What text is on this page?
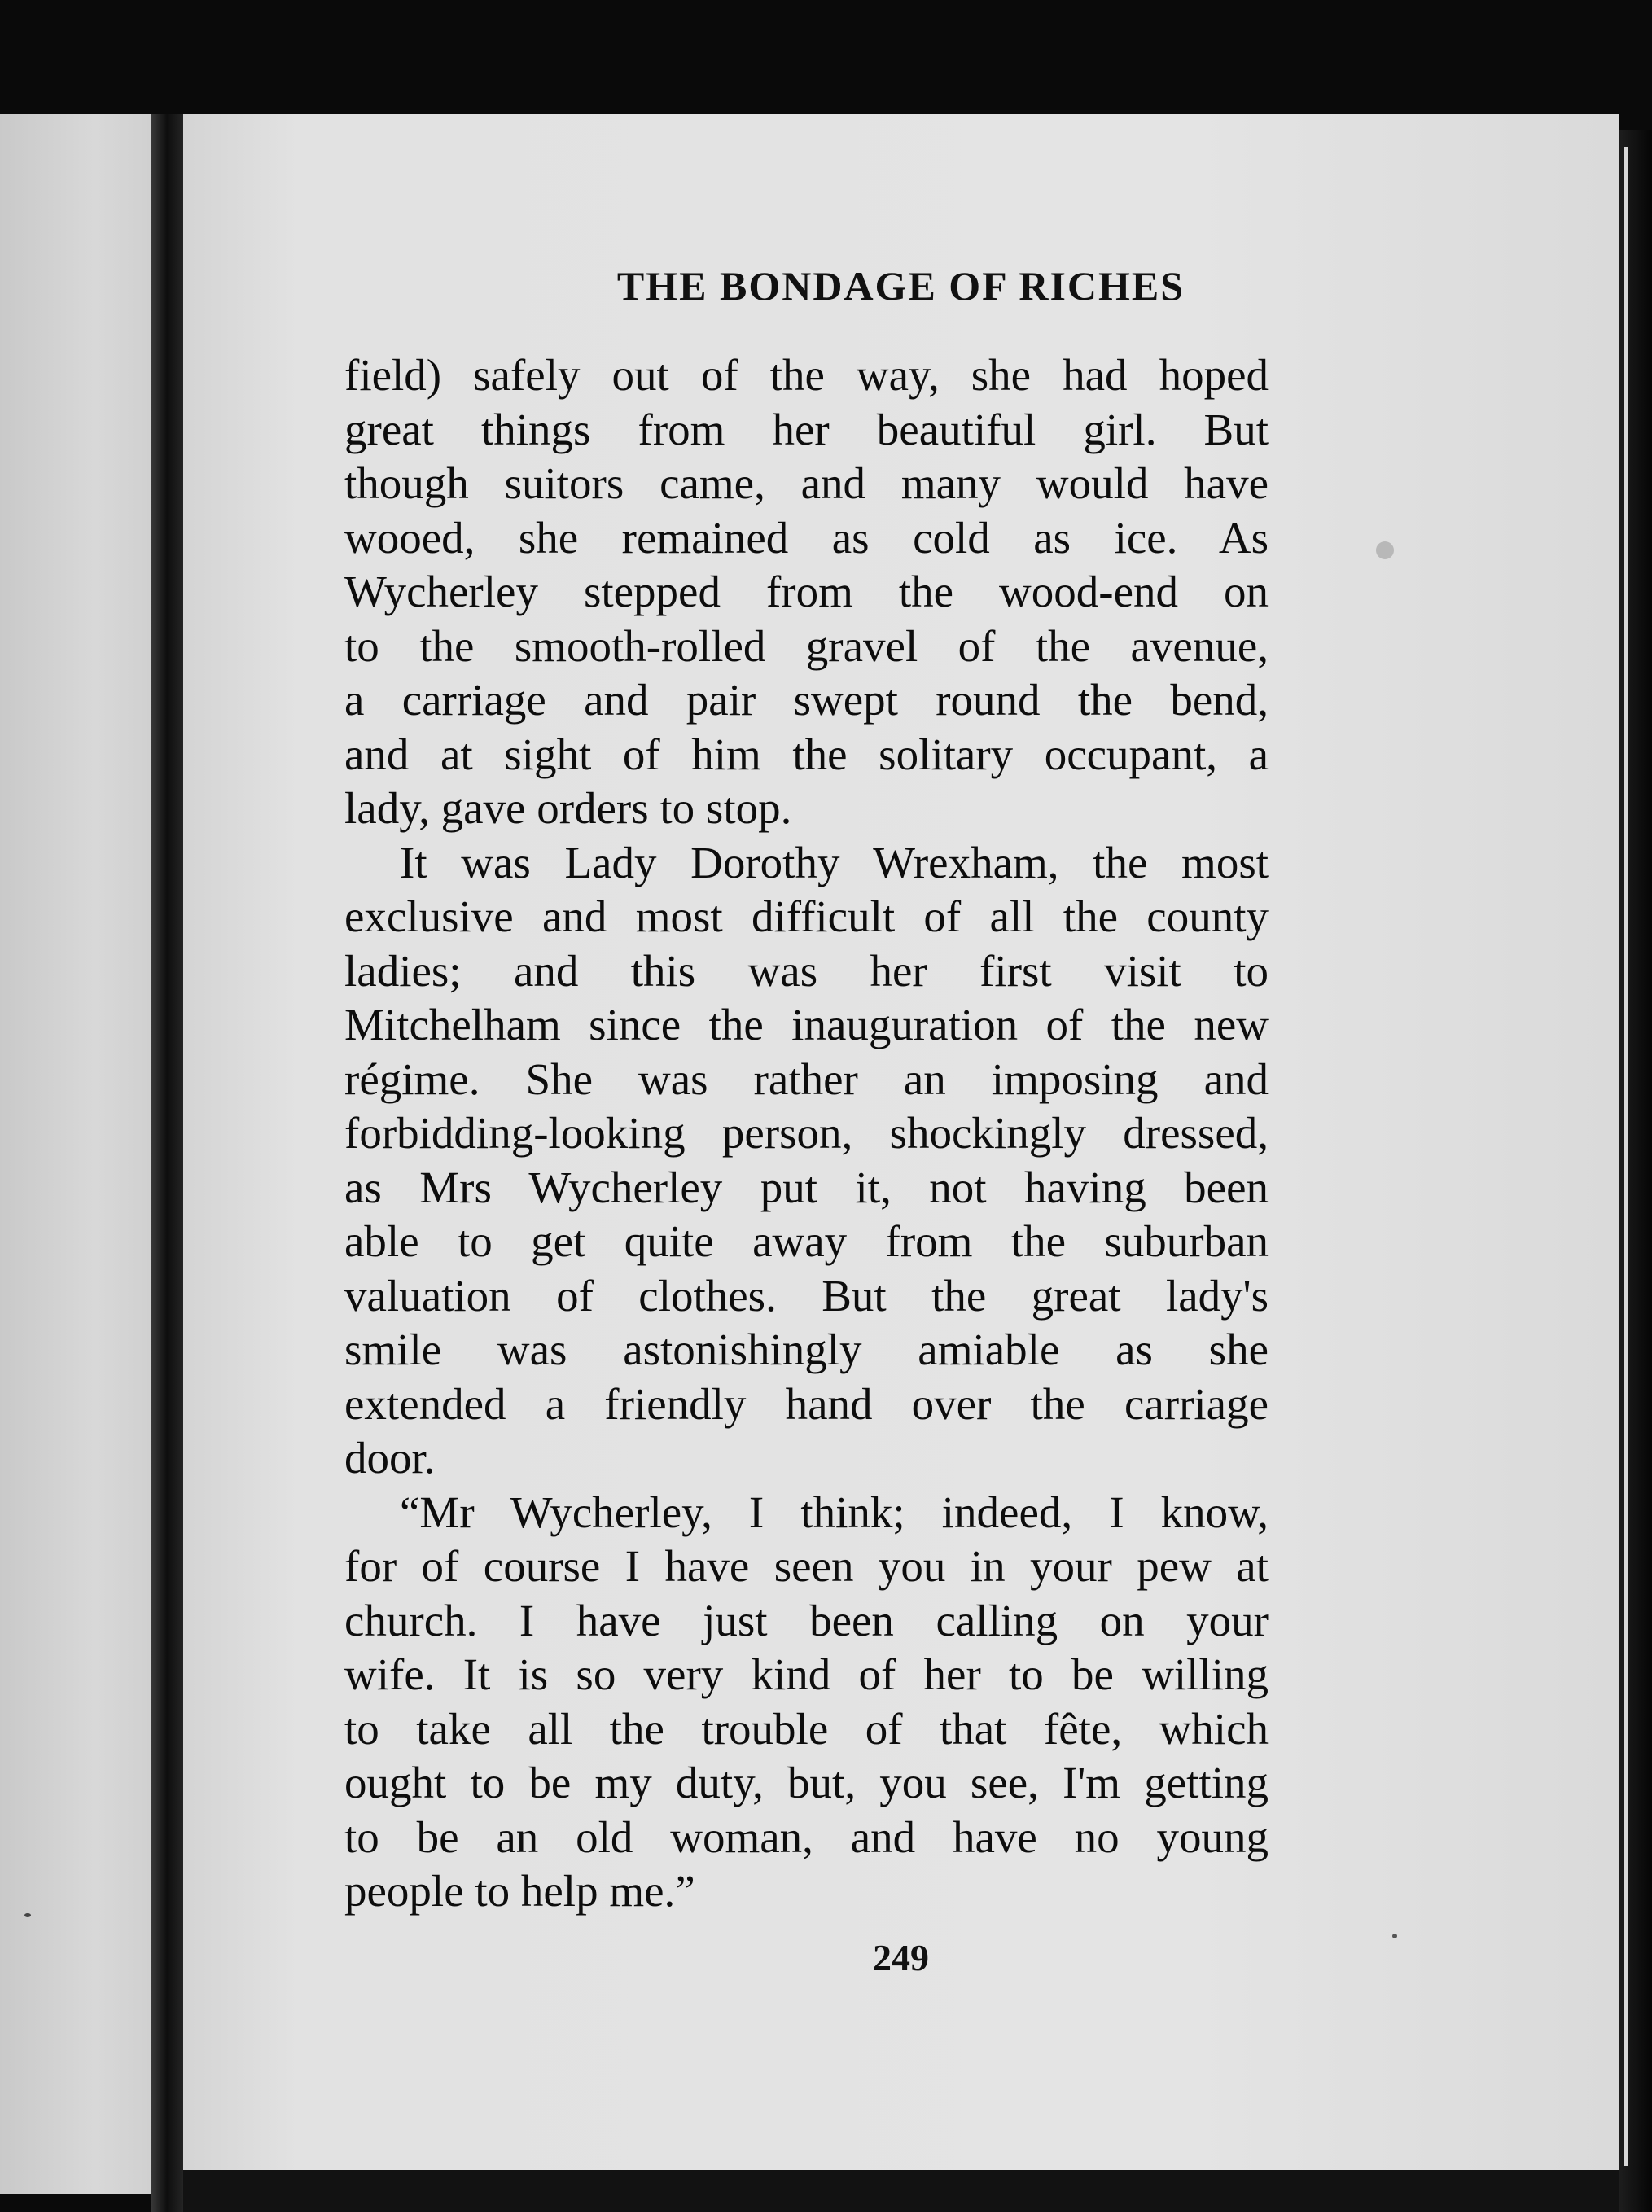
THE BONDAGE OF RICHES
field) safely out of the way, she had hoped
great things from her beautiful girl. But
though suitors came, and many would have
wooed, she remained as cold as ice. As
Wycherley stepped from the wood-end on
to the smooth-rolled gravel of the avenue,
a carriage and pair swept round the bend,
and at sight of him the solitary occupant, a
lady, gave orders to stop.
It was Lady Dorothy Wrexham, the most
exclusive and most difficult of all the county
ladies; and this was her first visit to
Mitchelham since the inauguration of the new
régime. She was rather an imposing and
forbidding-looking person, shockingly dressed,
as Mrs Wycherley put it, not having been
able to get quite away from the suburban
valuation of clothes. But the great lady's
smile was astonishingly amiable as she
extended a friendly hand over the carriage
door.
“Mr Wycherley, I think; indeed, I know,
for of course I have seen you in your pew at
church. I have just been calling on your
wife. It is so very kind of her to be willing
to take all the trouble of that fête, which
ought to be my duty, but, you see, I'm getting
to be an old woman, and have no young
people to help me.”
249
